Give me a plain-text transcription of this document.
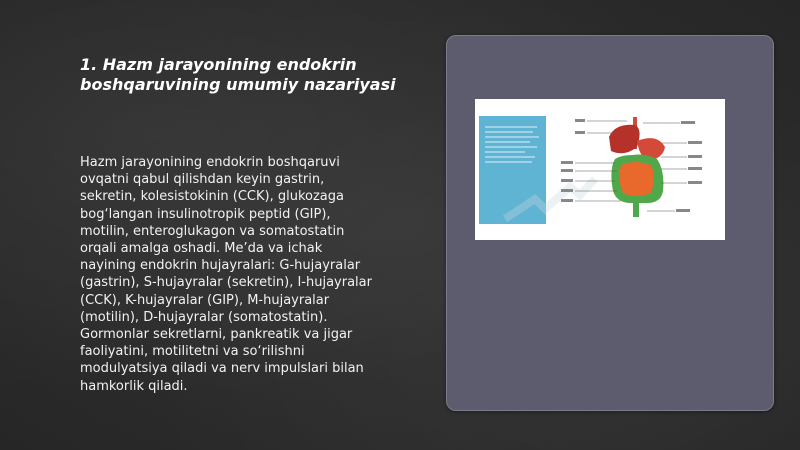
1. Hazm jarayonining endokrin
boshqaruvining umumiy nazariyasi
Hazm jarayonining endokrin boshqaruvi
ovqatni qabul qilishdan keyin gastrin,
sekretin, kolesistokinin (CCK), glukozaga
bog‘langan insulinotropik peptid (GIP),
motilin, enteroglukagon va somatostatin
orqali amalga oshadi. Me’da va ichak
nayining endokrin hujayralari: G-hujayralar
(gastrin), S-hujayralar (sekretin), I-hujayralar
(CCK), K-hujayralar (GIP), M-hujayralar
(motilin), D-hujayralar (somatostatin).
Gormonlar sekretlarni, pankreatik va jigar
faoliyatini, motilitetni va so‘rilishni
modulyatsiya qiladi va nerv impulslari bilan
hamkorlik qiladi.
